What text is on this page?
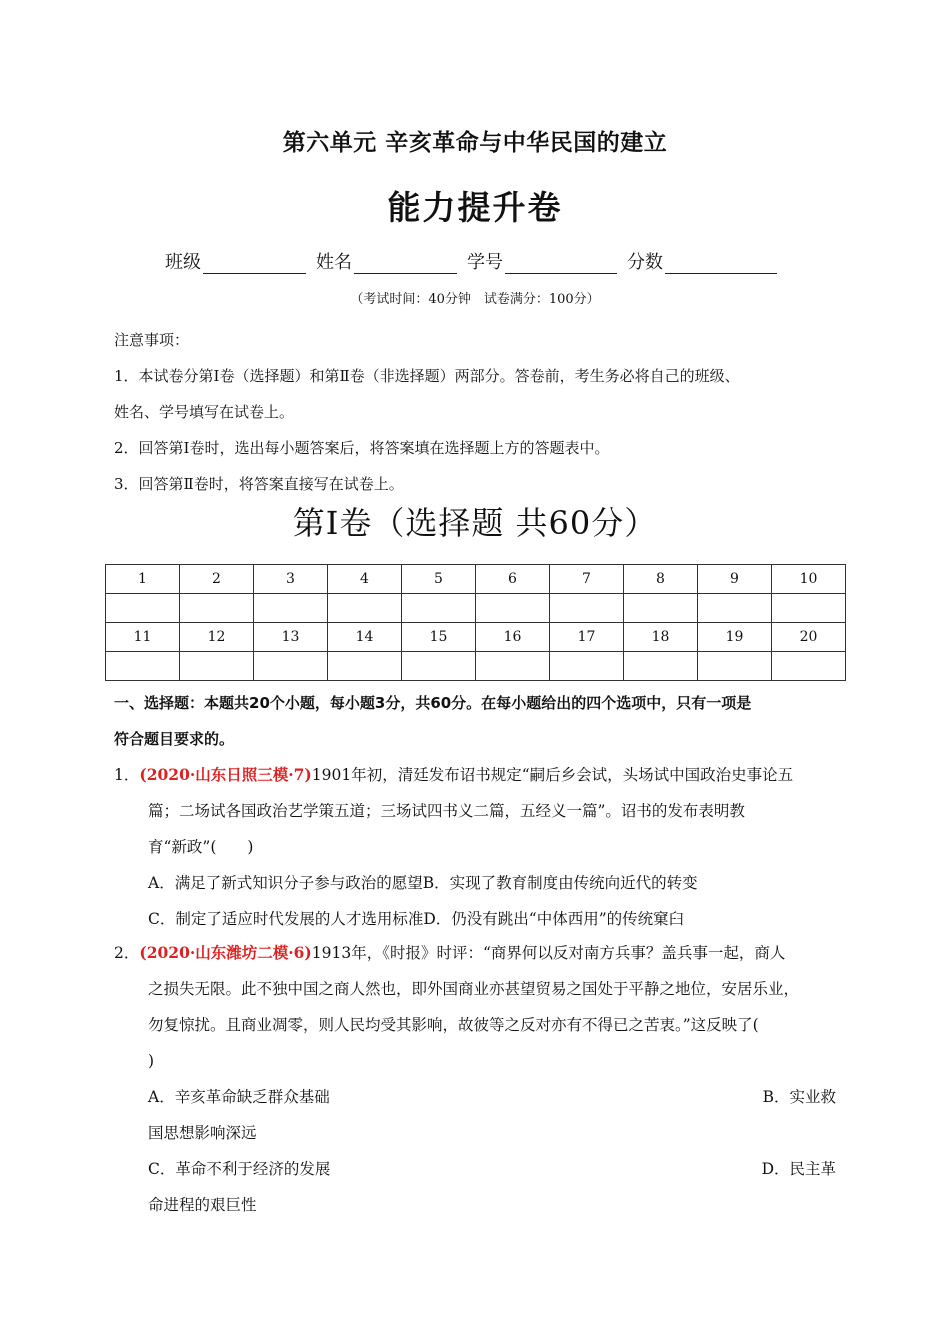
第六单元 辛亥革命与中华民国的建立
能力提升卷
班级	姓名	学号	分数
（考试时间：40分钟　试卷满分：100分）

注意事项：

1．本试卷分第Ⅰ卷（选择题）和第Ⅱ卷（非选择题）两部分。答卷前，考生务必将自己的班级、

姓名、学号填写在试卷上。

2．回答第Ⅰ卷时，选出每小题答案后，将答案填在选择题上方的答题表中。

3．回答第Ⅱ卷时，将答案直接写在试卷上。

第Ⅰ卷（选择题 共60分）
1	2	3	4	5	6	7	8	9	10

11	12	13	14	15	16	17	18	19	20

一、选择题：本题共20个小题，每小题3分，共60分。在每小题给出的四个选项中，只有一项是
符合题目要求的。

1．(2020·山东日照三模·7)1901年初，清廷发布诏书规定“嗣后乡会试，头场试中国政治史事论五

篇；二场试各国政治艺学策五道；三场试四书义二篇，五经义一篇”。诏书的发布表明教

育“新政”(　　)

A．满足了新式知识分子参与政治的愿望B．实现了教育制度由传统向近代的转变

C．制定了适应时代发展的人才选用标准D．仍没有跳出“中体西用”的传统窠臼

2．(2020·山东潍坊二模·6)1913年，《时报》时评：“商界何以反对南方兵事？盖兵事一起，商人

之损失无限。此不独中国之商人然也，即外国商业亦甚望贸易之国处于平静之地位，安居乐业，

勿复惊扰。且商业凋零，则人民均受其影响，故彼等之反对亦有不得已之苦衷。”这反映了(

)

A．辛亥革命缺乏群众基础	B．实业救

国思想影响深远

C．革命不利于经济的发展	D．民主革

命进程的艰巨性
